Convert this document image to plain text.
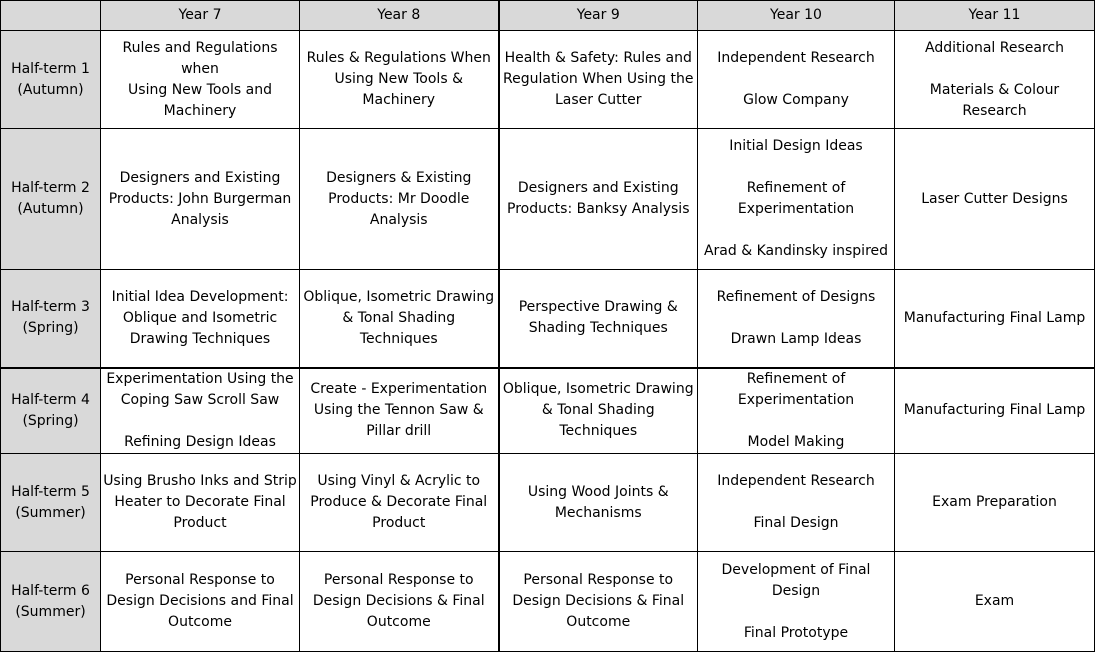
	Year 7	Year 8	Year 9	Year 10	Year 11

Half-term 1
(Autumn)	Rules and Regulations when
Using New Tools and
Machinery	Rules & Regulations When
Using New Tools &
Machinery	Health & Safety: Rules and
Regulation When Using the
Laser Cutter	Independent Research
Glow Company	Additional Research
Materials & Colour
Research

Half-term 2
(Autumn)	Designers and Existing
Products: John Burgerman
Analysis	Designers & Existing
Products: Mr Doodle
Analysis	Designers and Existing
Products: Banksy Analysis	Initial Design Ideas
Refinement of
Experimentation
Arad & Kandinsky inspired	Laser Cutter Designs

Half-term 3
(Spring)	Initial Idea Development:
Oblique and Isometric
Drawing Techniques	Oblique, Isometric Drawing
& Tonal Shading
Techniques	Perspective Drawing &
Shading Techniques	Refinement of Designs
Drawn Lamp Ideas	Manufacturing Final Lamp

Half-term 4
(Spring)	Experimentation Using the
Coping Saw Scroll Saw
Refining Design Ideas	Create - Experimentation
Using the Tennon Saw &
Pillar drill	Oblique, Isometric Drawing
& Tonal Shading
Techniques	Refinement of
Experimentation
Model Making	Manufacturing Final Lamp

Half-term 5
(Summer)	Using Brusho Inks and Strip
Heater to Decorate Final
Product	Using Vinyl & Acrylic to
Produce & Decorate Final
Product	Using Wood Joints &
Mechanisms	Independent Research
Final Design	Exam Preparation

Half-term 6
(Summer)	Personal Response to
Design Decisions and Final
Outcome	Personal Response to
Design Decisions & Final
Outcome	Personal Response to
Design Decisions & Final
Outcome	Development of Final
Design
Final Prototype	Exam
